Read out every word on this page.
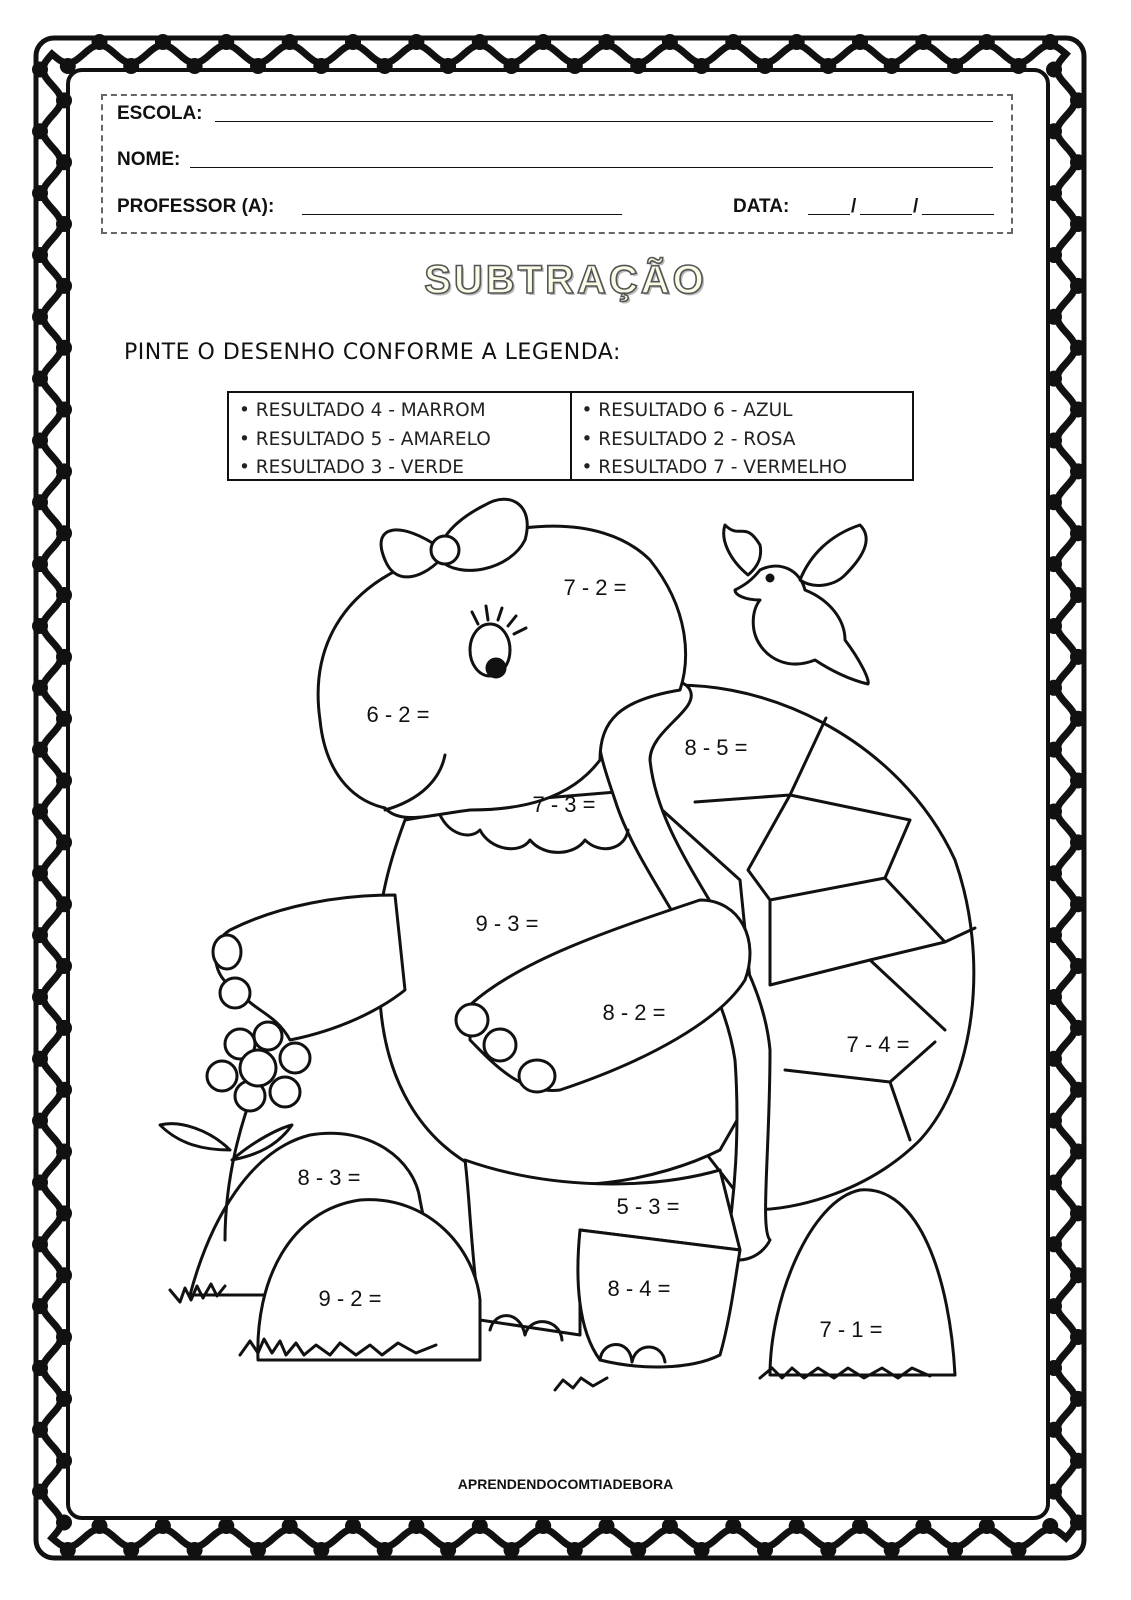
ESCOLA:
NOME:
PROFESSOR (A):	DATA:	/	/
SUBTRAÇÃO
PINTE O DESENHO CONFORME A LEGENDA:
• RESULTADO 4 - MARROM
• RESULTADO 5 - AMARELO
• RESULTADO 3 - VERDE
• RESULTADO 6 - AZUL
• RESULTADO 2 - ROSA
• RESULTADO 7 - VERMELHO
7 - 2 =
6 - 2 =
8 - 5 =
7 - 3 =
9 - 3 =
8 - 2 =
7 - 4 =
8 - 3 =
5 - 3 =
9 - 2 =	8 - 4 =
7 - 1 =
APRENDENDOCOMTIADEBORA
